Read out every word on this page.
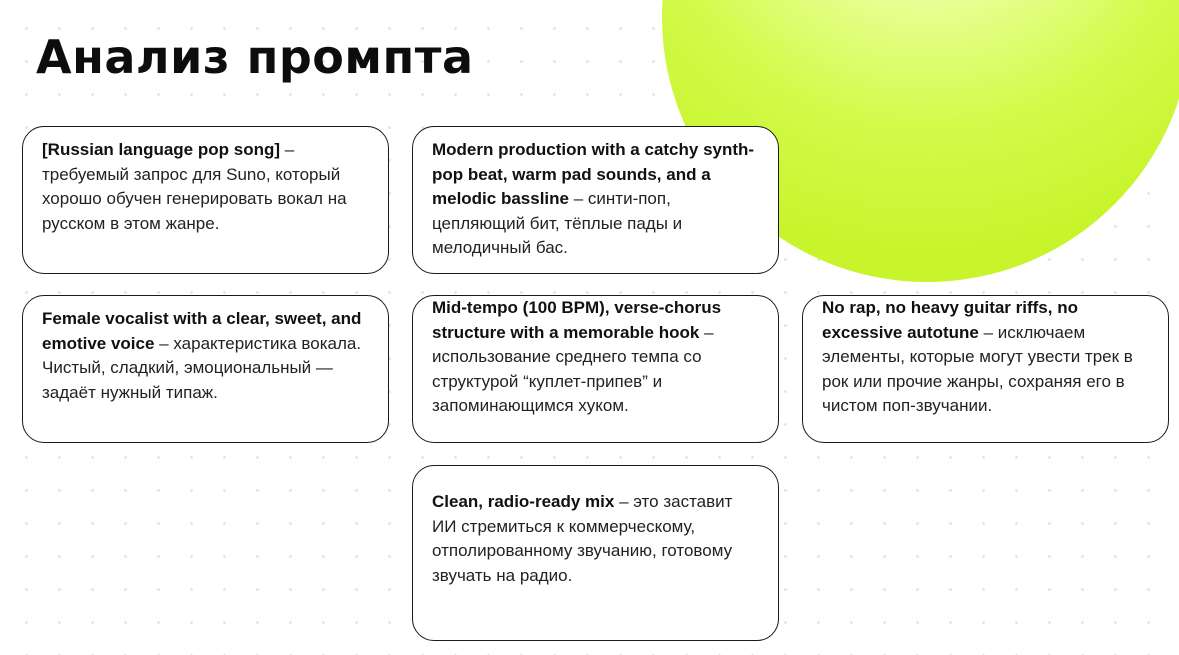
Анализ промпта
[Russian language pop song] – требуемый запрос для Suno, который хорошо обучен генерировать вокал на русском в этом жанре.
Modern production with a catchy synth-pop beat, warm pad sounds, and a melodic bassline – синти-поп, цепляющий бит, тёплые пады и мелодичный бас.
Female vocalist with a clear, sweet, and emotive voice – характеристика вокала. Чистый, сладкий, эмоциональный — задаёт нужный типаж.
Mid-tempo (100 BPM), verse-chorus structure with a memorable hook – использование среднего темпа со структурой “куплет-припев” и запоминающимся хуком.
No rap, no heavy guitar riffs, no excessive autotune – исключаем элементы, которые могут увести трек в рок или прочие жанры, сохраняя его в чистом поп-звучании.
Clean, radio-ready mix – это заставит ИИ стремиться к коммерческому, отполированному звучанию, готовому звучать на радио.
